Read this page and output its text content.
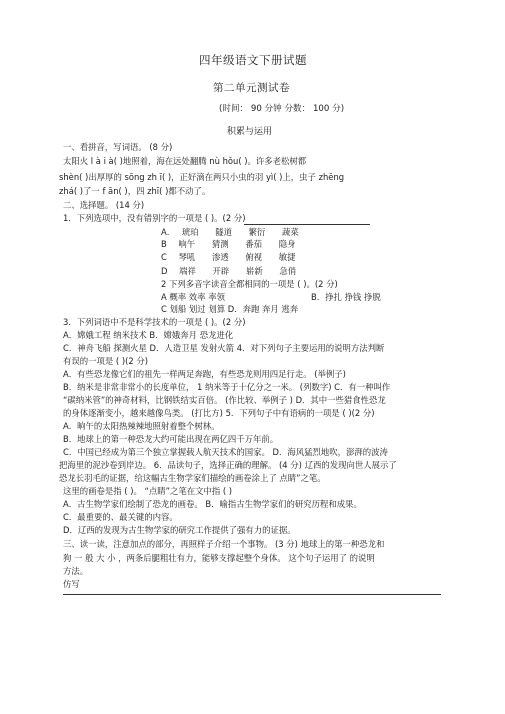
四年级语文下册试题
第二单元测试卷
(时间： 90 分钟 分数： 100 分)
积累与运用
一、看拼音，写词语。 (8 分)
太阳火 l à i à( )地照着，海在远处翻腾 nù hǒu( )。许多老松树都
shèn( )出厚厚的 sōng zh ī( )，正好滴在两只小虫的羽 yì( )上，虫子 zhēng
zhá( )了一 f ān( )，四 zhī( )都不动了。
二、选择题。 (14 分)
1．下列选项中，没有错别字的一项是 ( )。(2 分)
A． 琥珀 隧道 繁衍 蔬菜
B 响午 猜测 番茄 隐身
C 琴吼 渗透 俯视 敏捷
D 端祥 开辟 崭新 急俏
2 下列多音字读音全都相同的一项是 ( )。(2 分)
A 概率 效率 率领	B．挣扎 挣钱 挣脱
C 划船 划过 划算 D．奔跑 奔月 逃奔
3．下列词语中不是科学技术的一项是 ( )。(2 分)
A．嫦娥工程 纳米技术 B．嫦娥奔月 恐龙进化
C．神舟飞船 探测火星 D．人造卫星 发射火箭 4．对下列句子主要运用的说明方法判断
有误的一项是 ( )(2 分)
A．有些恐龙像它们的祖先一样两足奔跑，有些恐龙则用四足行走。 (举例子)
B．纳米是非常非常小的长度单位， 1 纳米等于十亿分之一米。 (列数字) C．有一种叫作
“碳纳米管”的神奇材料，比钢铁结实百倍。 (作比较、举例子 ) D．其中一些猎食性恐龙
的身体逐渐变小，越来越像鸟类。 (打比方) 5．下列句子中有语病的一项是 ( )(2 分)
A．晌午的太阳热辣辣地照射着整个树林。
B．地球上的第一种恐龙大约可能出现在两亿四千万年前。
C．中国已经成为第三个独立掌握载人航天技术的国家。 D．海风猛烈地吹，澎湃的波涛
把海里的泥沙卷到岸边。 6．品读句子，选择正确的理解。 (4 分) 辽西的发现向世人展示了
恐龙长羽毛的证据，给这幅古生物学家们描绘的画卷涂上了 点睛”之笔。
这里的画卷是指 ( )。 “点睛”之笔在文中指 ( )
A．古生物学家们绘制了恐龙的画卷。 B．喻指古生物学家们的研究历程和成果。
C．最重要的、最关键的内容。
D．辽西的发现为古生物学家的研究工作提供了强有力的证据。
三、读一读，注意加点的部分，再照样子介绍一个事物。 (3 分) 地球上的第一种恐龙和
狗 一 般 大 小 ，两条后腿粗壮有力，能够支撑起整个身体。 这个句子运用了 的说明
方法。
仿写
